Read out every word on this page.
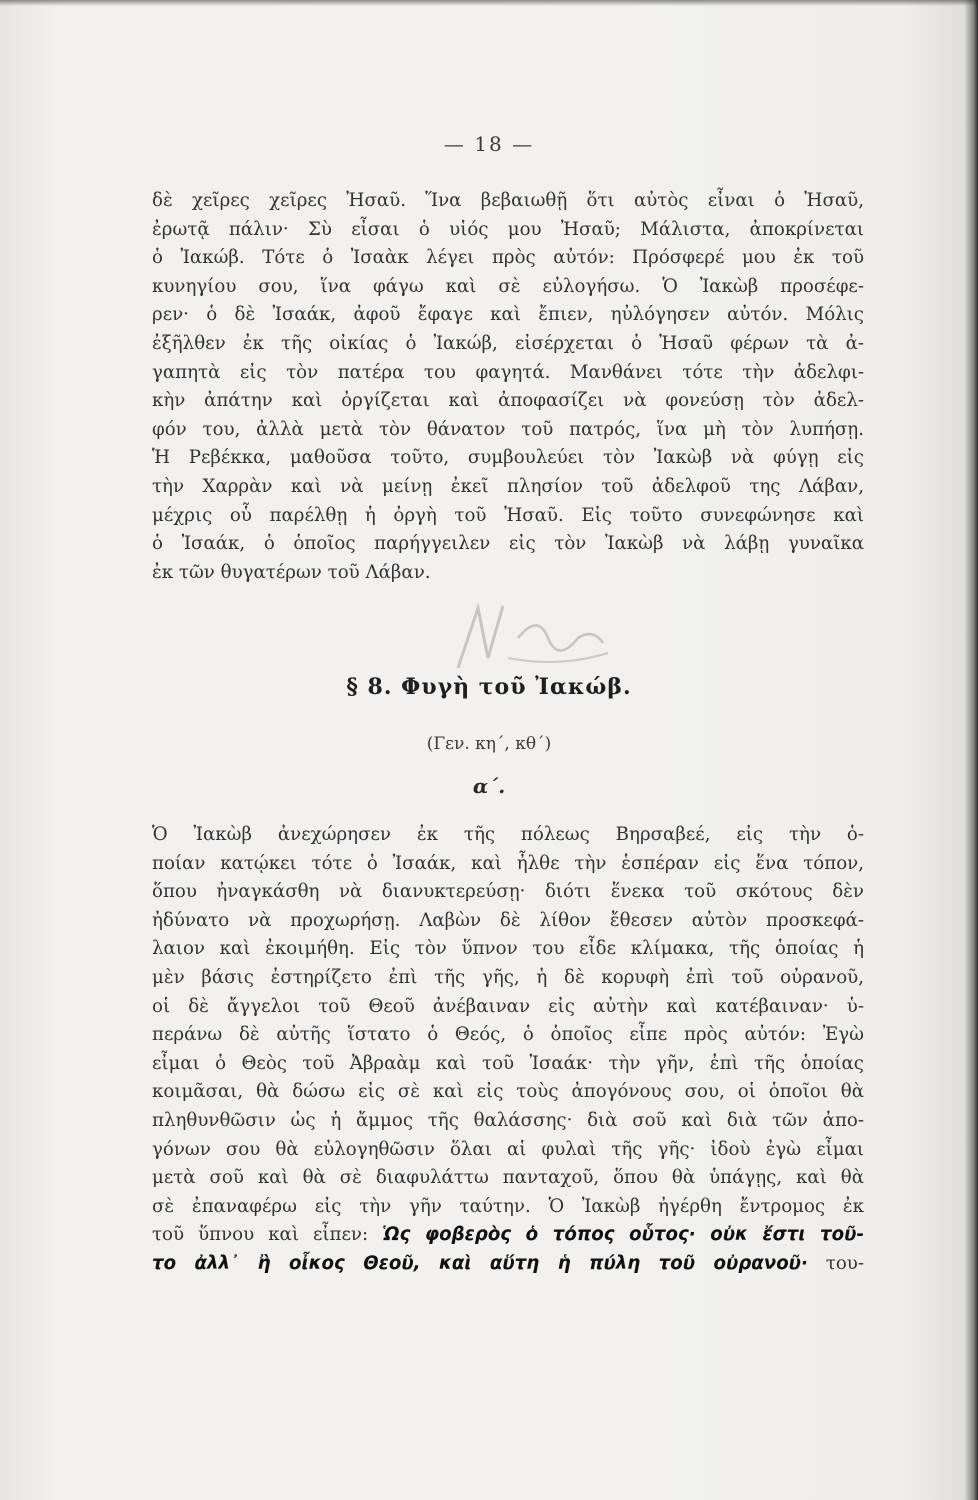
— 18 —
δὲ χεῖρες χεῖρες Ἠσαῦ. Ἵνα βεβαιωθῇ ὅτι αὐτὸς εἶναι ὁ Ἠσαῦ,
ἐρωτᾷ πάλιν· Σὺ εἶσαι ὁ υἱός μου Ἠσαῦ; Μάλιστα, ἀποκρίνεται
ὁ Ἰακώβ. Τότε ὁ Ἰσαὰκ λέγει πρὸς αὐτόν: Πρόσφερέ μου ἐκ τοῦ
κυνηγίου σου, ἵνα φάγω καὶ σὲ εὐλογήσω. Ὁ Ἰακὼβ προσέφε-
ρεν· ὁ δὲ Ἰσαάκ, ἀφοῦ ἔφαγε καὶ ἔπιεν, ηὐλόγησεν αὐτόν. Μόλις
ἐξῆλθεν ἐκ τῆς οἰκίας ὁ Ἰακώβ, εἰσέρχεται ὁ Ἠσαῦ φέρων τὰ ἀ-
γαπητὰ εἰς τὸν πατέρα του φαγητά. Μανθάνει τότε τὴν ἀδελφι-
κὴν ἀπάτην καὶ ὀργίζεται καὶ ἀποφασίζει νὰ φονεύσῃ τὸν ἀδελ-
φόν του, ἀλλὰ μετὰ τὸν θάνατον τοῦ πατρός, ἵνα μὴ τὸν λυπήσῃ.
Ἡ Ρεβέκκα, μαθοῦσα τοῦτο, συμβουλεύει τὸν Ἰακὼβ νὰ φύγῃ εἰς
τὴν Χαρρὰν καὶ νὰ μείνῃ ἐκεῖ πλησίον τοῦ ἀδελφοῦ της Λάβαν,
μέχρις οὗ παρέλθῃ ἡ ὀργὴ τοῦ Ἠσαῦ. Εἰς τοῦτο συνεφώνησε καὶ
ὁ Ἰσαάκ, ὁ ὁποῖος παρήγγειλεν εἰς τὸν Ἰακὼβ νὰ λάβῃ γυναῖκα
ἐκ τῶν θυγατέρων τοῦ Λάβαν.
§ 8. Φυγὴ τοῦ Ἰακώβ.
(Γεν. κη΄, κθ΄)
α΄.
Ὁ Ἰακὼβ ἀνεχώρησεν ἐκ τῆς πόλεως Βηρσαβεέ, εἰς τὴν ὁ-
ποίαν κατῴκει τότε ὁ Ἰσαάκ, καὶ ἦλθε τὴν ἑσπέραν εἰς ἕνα τόπον,
ὅπου ἠναγκάσθη νὰ διανυκτερεύσῃ· διότι ἕνεκα τοῦ σκότους δὲν
ἠδύνατο νὰ προχωρήσῃ. Λαβὼν δὲ λίθον ἔθεσεν αὐτὸν προσκεφά-
λαιον καὶ ἐκοιμήθη. Εἰς τὸν ὕπνον του εἶδε κλίμακα, τῆς ὁποίας ἡ
μὲν βάσις ἐστηρίζετο ἐπὶ τῆς γῆς, ἡ δὲ κορυφὴ ἐπὶ τοῦ οὐρανοῦ,
οἱ δὲ ἄγγελοι τοῦ Θεοῦ ἀνέβαιναν εἰς αὐτὴν καὶ κατέβαιναν· ὑ-
περάνω δὲ αὐτῆς ἵστατο ὁ Θεός, ὁ ὁποῖος εἶπε πρὸς αὐτόν: Ἐγὼ
εἶμαι ὁ Θεὸς τοῦ Ἀβραὰμ καὶ τοῦ Ἰσαάκ· τὴν γῆν, ἐπὶ τῆς ὁποίας
κοιμᾶσαι, θὰ δώσω εἰς σὲ καὶ εἰς τοὺς ἀπογόνους σου, οἱ ὁποῖοι θὰ
πληθυνθῶσιν ὡς ἡ ἄμμος τῆς θαλάσσης· διὰ σοῦ καὶ διὰ τῶν ἀπο-
γόνων σου θὰ εὐλογηθῶσιν ὅλαι αἱ φυλαὶ τῆς γῆς· ἰδοὺ ἐγὼ εἶμαι
μετὰ σοῦ καὶ θὰ σὲ διαφυλάττω πανταχοῦ, ὅπου θὰ ὑπάγῃς, καὶ θὰ
σὲ ἐπαναφέρω εἰς τὴν γῆν ταύτην. Ὁ Ἰακὼβ ἠγέρθη ἔντρομος ἐκ
τοῦ ὕπνου καὶ εἶπεν: Ὡς φοβερὸς ὁ τόπος οὗτος· οὐκ ἔστι τοῦ-
το ἀλλ᾽ ἢ οἶκος Θεοῦ, καὶ αὕτη ἡ πύλη τοῦ οὐρανοῦ· του-
